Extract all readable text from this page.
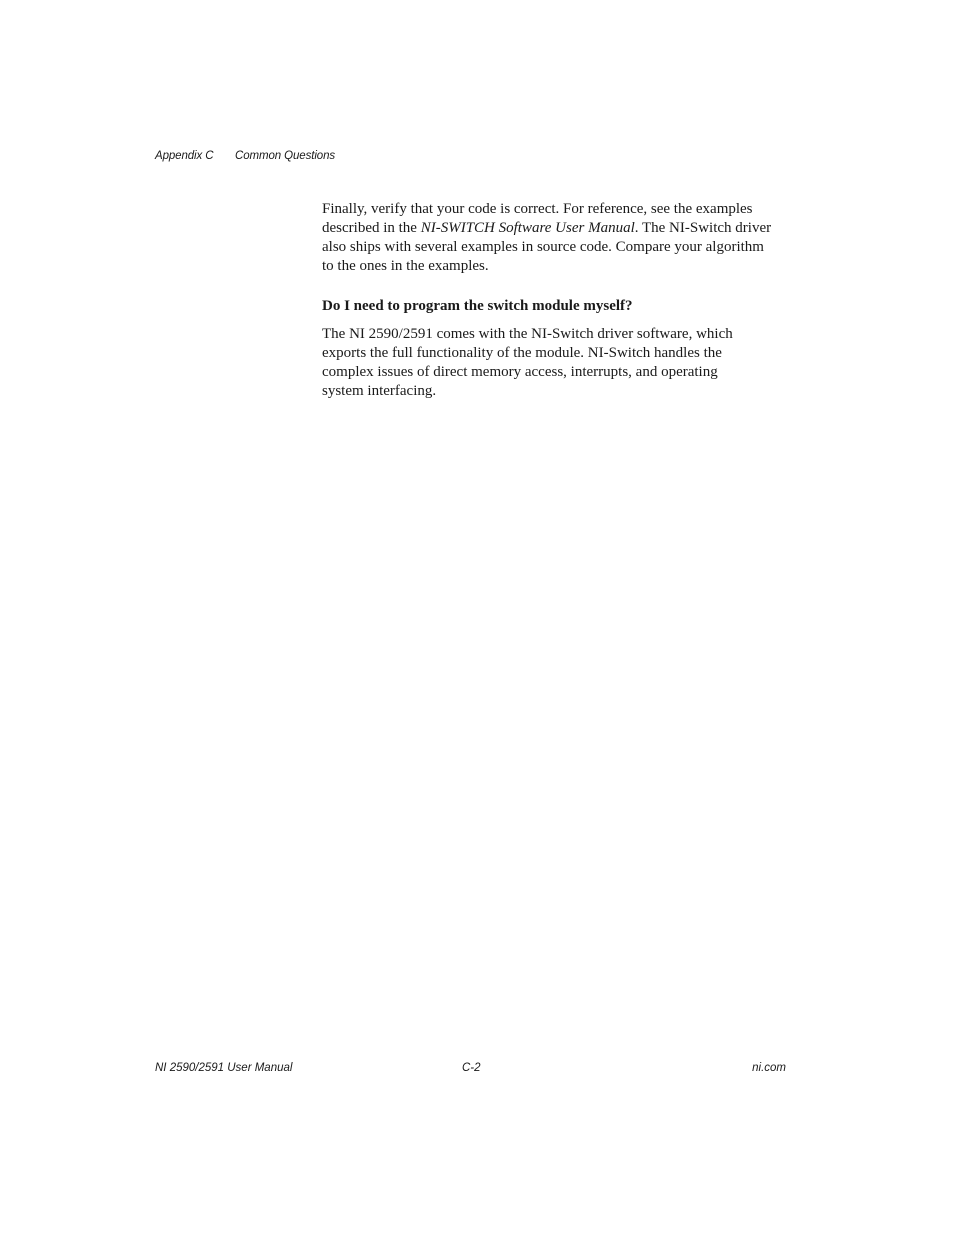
Appendix C Common Questions

Finally, verify that your code is correct. For reference, see the examples
described in the NI-SWITCH Software User Manual. The NI-Switch driver
also ships with several examples in source code. Compare your algorithm
to the ones in the examples.

Do I need to program the switch module myself?

The NI 2590/2591 comes with the NI-Switch driver software, which
exports the full functionality of the module. NI-Switch handles the
complex issues of direct memory access, interrupts, and operating
system interfacing.

NI 2590/2591 User Manual	C-2	ni.com
